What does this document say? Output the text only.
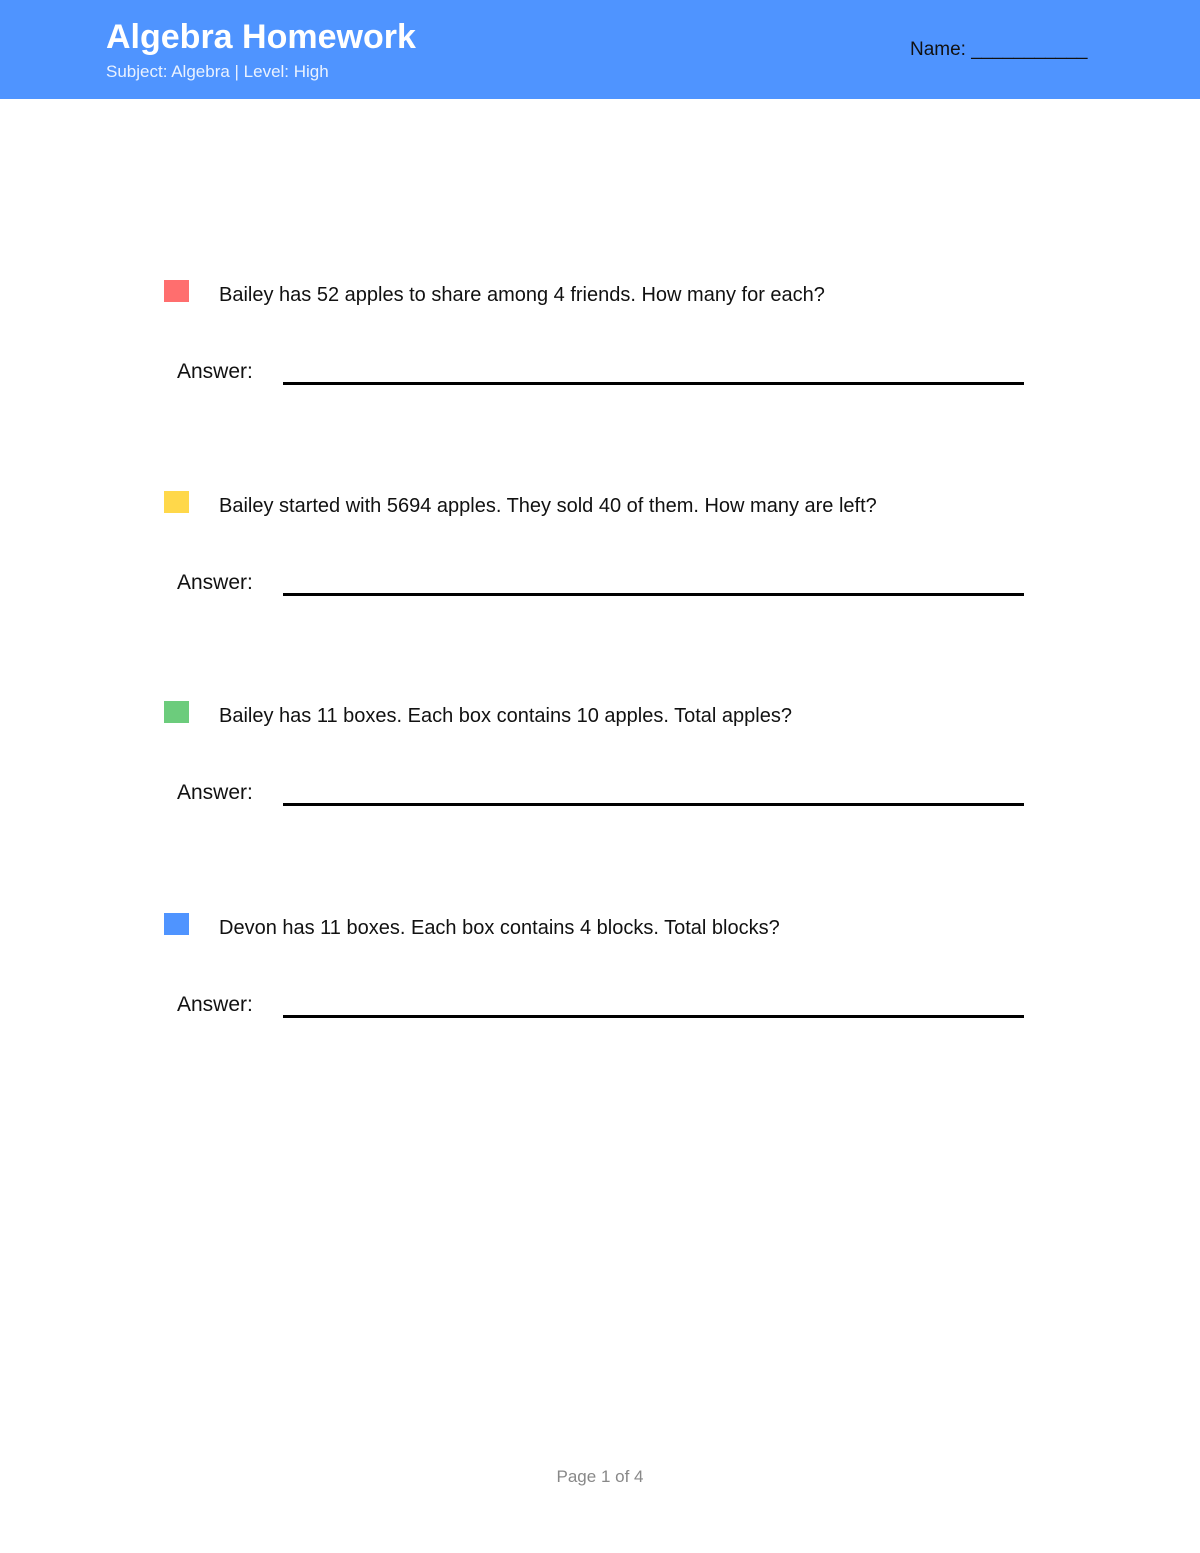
Algebra Homework
Subject: Algebra | Level: High
Name: ___________
Bailey has 52 apples to share among 4 friends. How many for each?
Answer:
Bailey started with 5694 apples. They sold 40 of them. How many are left?
Answer:
Bailey has 11 boxes. Each box contains 10 apples. Total apples?
Answer:
Devon has 11 boxes. Each box contains 4 blocks. Total blocks?
Answer:
Page 1 of 4
